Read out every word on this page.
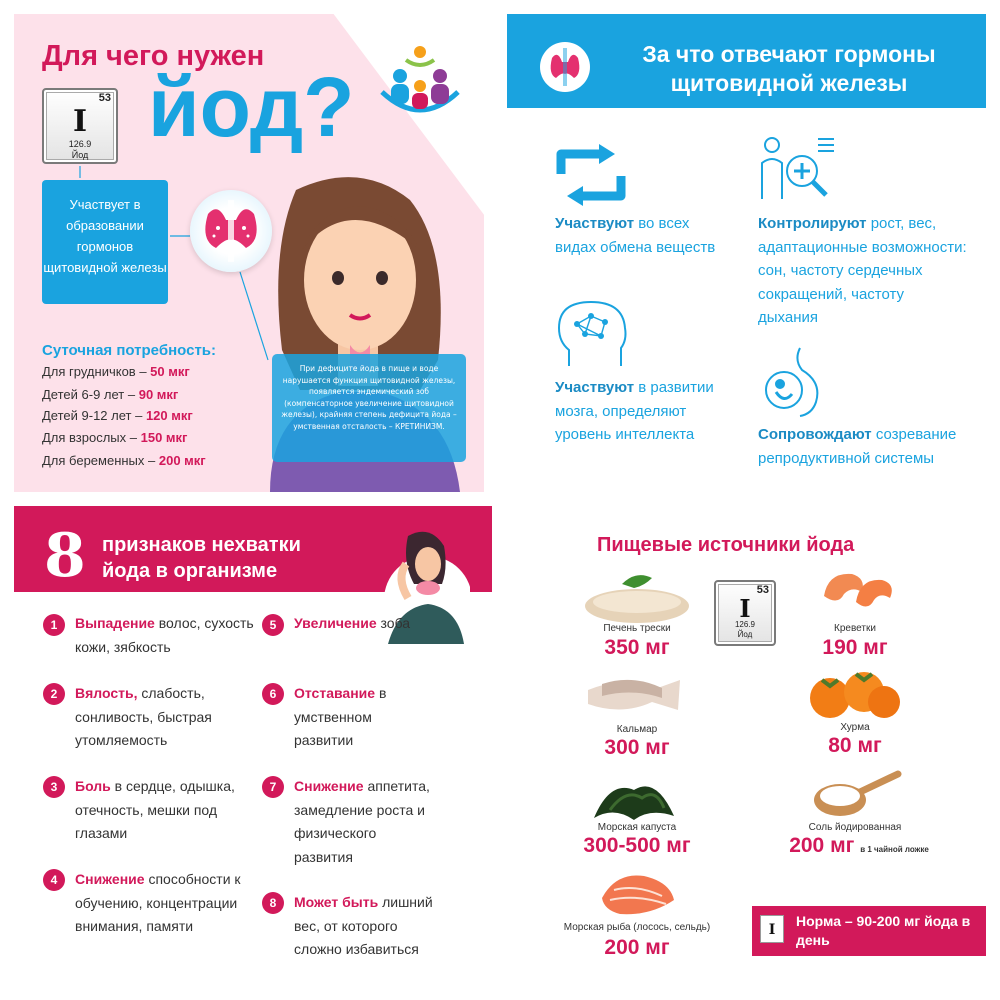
Для чего нужен
йод?
53
I
126.9
Йод
Участвует в образовании гормонов щитовидной железы
Суточная потребность:
Для грудничков – 50 мкг
Детей 6-9 лет – 90 мкг
Детей 9-12 лет – 120 мкг
Для взрослых – 150 мкг
Для беременных – 200 мкг
При дефиците йода в пище и воде нарушается функция щитовидной железы, появляется эндемический зоб (компенсаторное увеличение щитовидной железы), крайняя степень дефицита йода – умственная отсталость – КРЕТИНИЗМ.
За что отвечают гормоны щитовидной железы
Участвуют во всех видах обмена веществ
Контролируют рост, вес, адаптационные возможности: сон, частоту сердечных сокращений, частоту дыхания
Участвуют в развитии мозга, определяют уровень интеллекта	Сопровождают созревание репродуктивной системы
8 признаков нехватки
йода в организме
1	Выпадение волос, сухость кожи, зябкость
2	Вялость, слабость, сонливость, быстрая утомляемость
3	Боль в сердце, одышка, отечность, мешки под глазами
4	Снижение способности к обучению, концентрации внимания, памяти
5	Увеличение зоба
6	Отставание в умственном развитии
7	Снижение аппетита, замедление роста и физического развития
8	Может быть лишний вес, от которого сложно избавиться
Пищевые источники йода
Печень трески
350 мг
53
I
126.9
Йод
Креветки
190 мг
Кальмар
300 мг
Хурма
80 мг
Морская капуста
300-500 мг
Соль йодированная
200 мг в 1 чайной ложке
Морская рыба (лосось, сельдь)
200 мг
Норма – 90-200 мг йода в день
I
